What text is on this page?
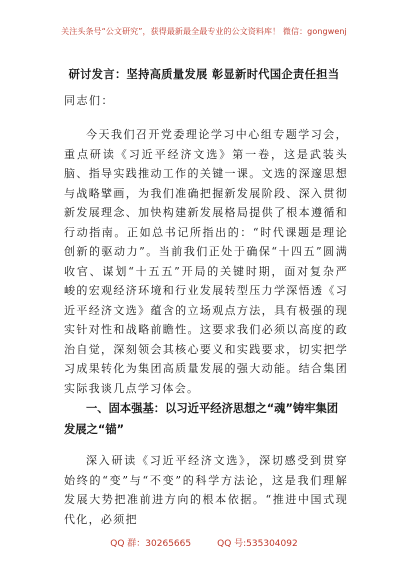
关注头条号“公文研究”，获得最新最全最专业的公文资料库！ 微信：gongwenj
研讨发言：坚持高质量发展 彰显新时代国企责任担当
同志们：

今天我们召开党委理论学习中心组专题学习会，重点研读《习近平经济文选》第一卷，这是武装头脑、指导实践推动工作的关键一课。文选的深邃思想与战略擘画，为我们准确把握新发展阶段、深入贯彻新发展理念、加快构建新发展格局提供了根本遵循和行动指南。正如总书记所指出的：“时代课题是理论创新的驱动力”。当前我们正处于确保“十四五”圆满收官、谋划“十五五”开局的关键时期，面对复杂严峻的宏观经济环境和行业发展转型压力学深悟透《习近平经济文选》蕴含的立场观点方法，具有极强的现实针对性和战略前瞻性。这要求我们必须以高度的政治自觉，深刻领会其核心要义和实践要求，切实把学习成果转化为集团高质量发展的强大动能。结合集团实际我谈几点学习体会。

一、固本强基：以习近平经济思想之“魂”铸牢集团发展之“锚”

深入研读《习近平经济文选》，深切感受到贯穿始终的“变”与“不变”的科学方法论，这是我们理解发展大势把准前进方向的根本依据。“推进中国式现代化，必须把

QQ 群：30265665	QQ 号:535304092
